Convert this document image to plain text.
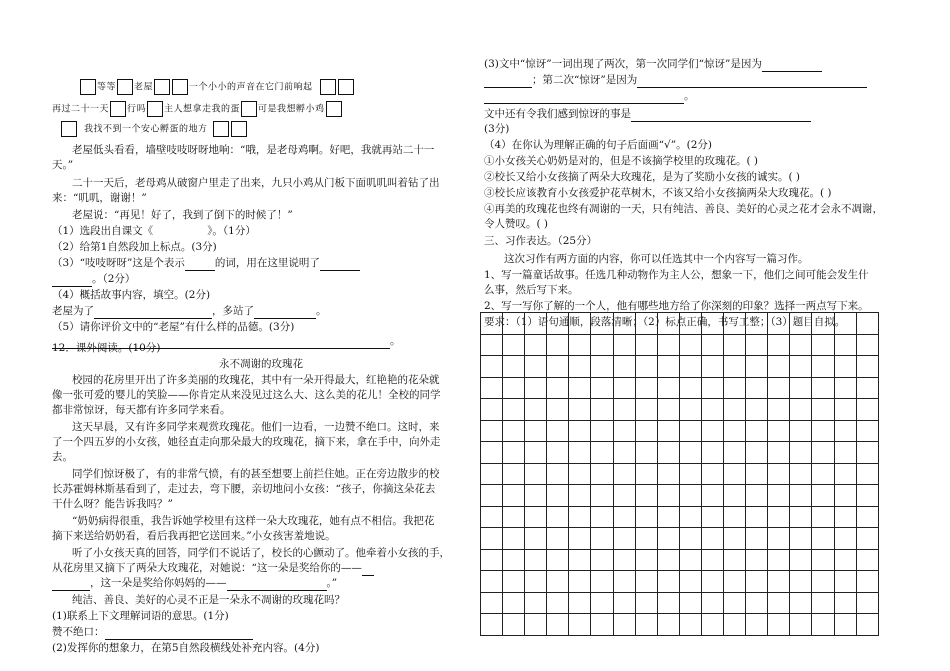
等等 老屋	一个小小的声音在它门前响起
再过二十一天 行吗 主人想拿走我的蛋 可是我想孵小鸡
我找不到一个安心孵蛋的地方
老屋低头看看，墙壁吱吱呀呀地响：“哦，是老母鸡啊。好吧，我就再站二十一
天。”
二十一天后，老母鸡从破窗户里走了出来，九只小鸡从门板下面叽叽叫着钻了出
来：“叽叽，谢谢！”
老屋说：“再见！好了，我到了倒下的时候了！”
（1）选段出自课文《	》。（1分）
（2）给第1自然段加上标点。(3分)
（3）“吱吱呀呀”这是个表示	的词，用在这里说明了
。（2分）
（4）概括故事内容，填空。(2分)
老屋为了	，多站了	。
（5）请你评价文中的“老屋”有什么样的品德。(3分)
。
12．课外阅读。(10分)
永不凋谢的玫瑰花
校园的花房里开出了许多美丽的玫瑰花，其中有一朵开得最大，红艳艳的花朵就
像一张可爱的婴儿的笑脸——你肯定从来没见过这么大、这么美的花儿！全校的同学
都非常惊讶，每天都有许多同学来看。
这天早晨，又有许多同学来观赏玫瑰花。他们一边看，一边赞不绝口。这时，来
了一个四五岁的小女孩，她径直走向那朵最大的玫瑰花，摘下来，拿在手中，向外走
去。
同学们惊讶极了，有的非常气愤，有的甚至想要上前拦住她。正在旁边散步的校
长苏霍姆林斯基看到了，走过去，弯下腰，亲切地问小女孩：“孩子，你摘这朵花去
干什么呀？能告诉我吗？”
“奶奶病得很重，我告诉她学校里有这样一朵大玫瑰花，她有点不相信。我把花
摘下来送给奶奶看，看后我再把它送回来。”小女孩害羞地说。
听了小女孩天真的回答，同学们不说话了，校长的心颤动了。他牵着小女孩的手，
从花房里又摘下了两朵大玫瑰花，对她说：“这一朵是奖给你的——
，这一朵是奖给你妈妈的——	。”
纯洁、善良、美好的心灵不正是一朵永不凋谢的玫瑰花吗？
(1)联系上下文理解词语的意思。(1分)
赞不绝口：
(2)发挥你的想象力，在第5自然段横线处补充内容。(4分)
(3)文中“惊讶”一词出现了两次，第一次同学们“惊讶”是因为
；第二次“惊讶”是因为
。
文中还有令我们感到惊讶的事是
(3分)
（4）在你认为理解正确的句子后面画“√”。(2分)
①小女孩关心奶奶是对的，但是不该摘学校里的玫瑰花。( )
②校长又给小女孩摘了两朵大玫瑰花，是为了奖励小女孩的诚实。( )
③校长应该教育小女孩爱护花草树木，不该又给小女孩摘两朵大玫瑰花。( )
④再美的玫瑰花也终有凋谢的一天，只有纯洁、善良、美好的心灵之花才会永不凋谢，
令人赞叹。( )
三、习作表达。（25分）
这次习作有两方面的内容，你可以任选其中一个内容写一篇习作。
1、写一篇童话故事。任选几种动物作为主人公，想象一下，他们之间可能会发生什
么事，然后写下来。
2、写一写你了解的一个人，他有哪些地方给了你深刻的印象？选择一两点写下来。
要求：（1）语句通顺，段落清晰；（2）标点正确，书写工整；（3）题目自拟。
